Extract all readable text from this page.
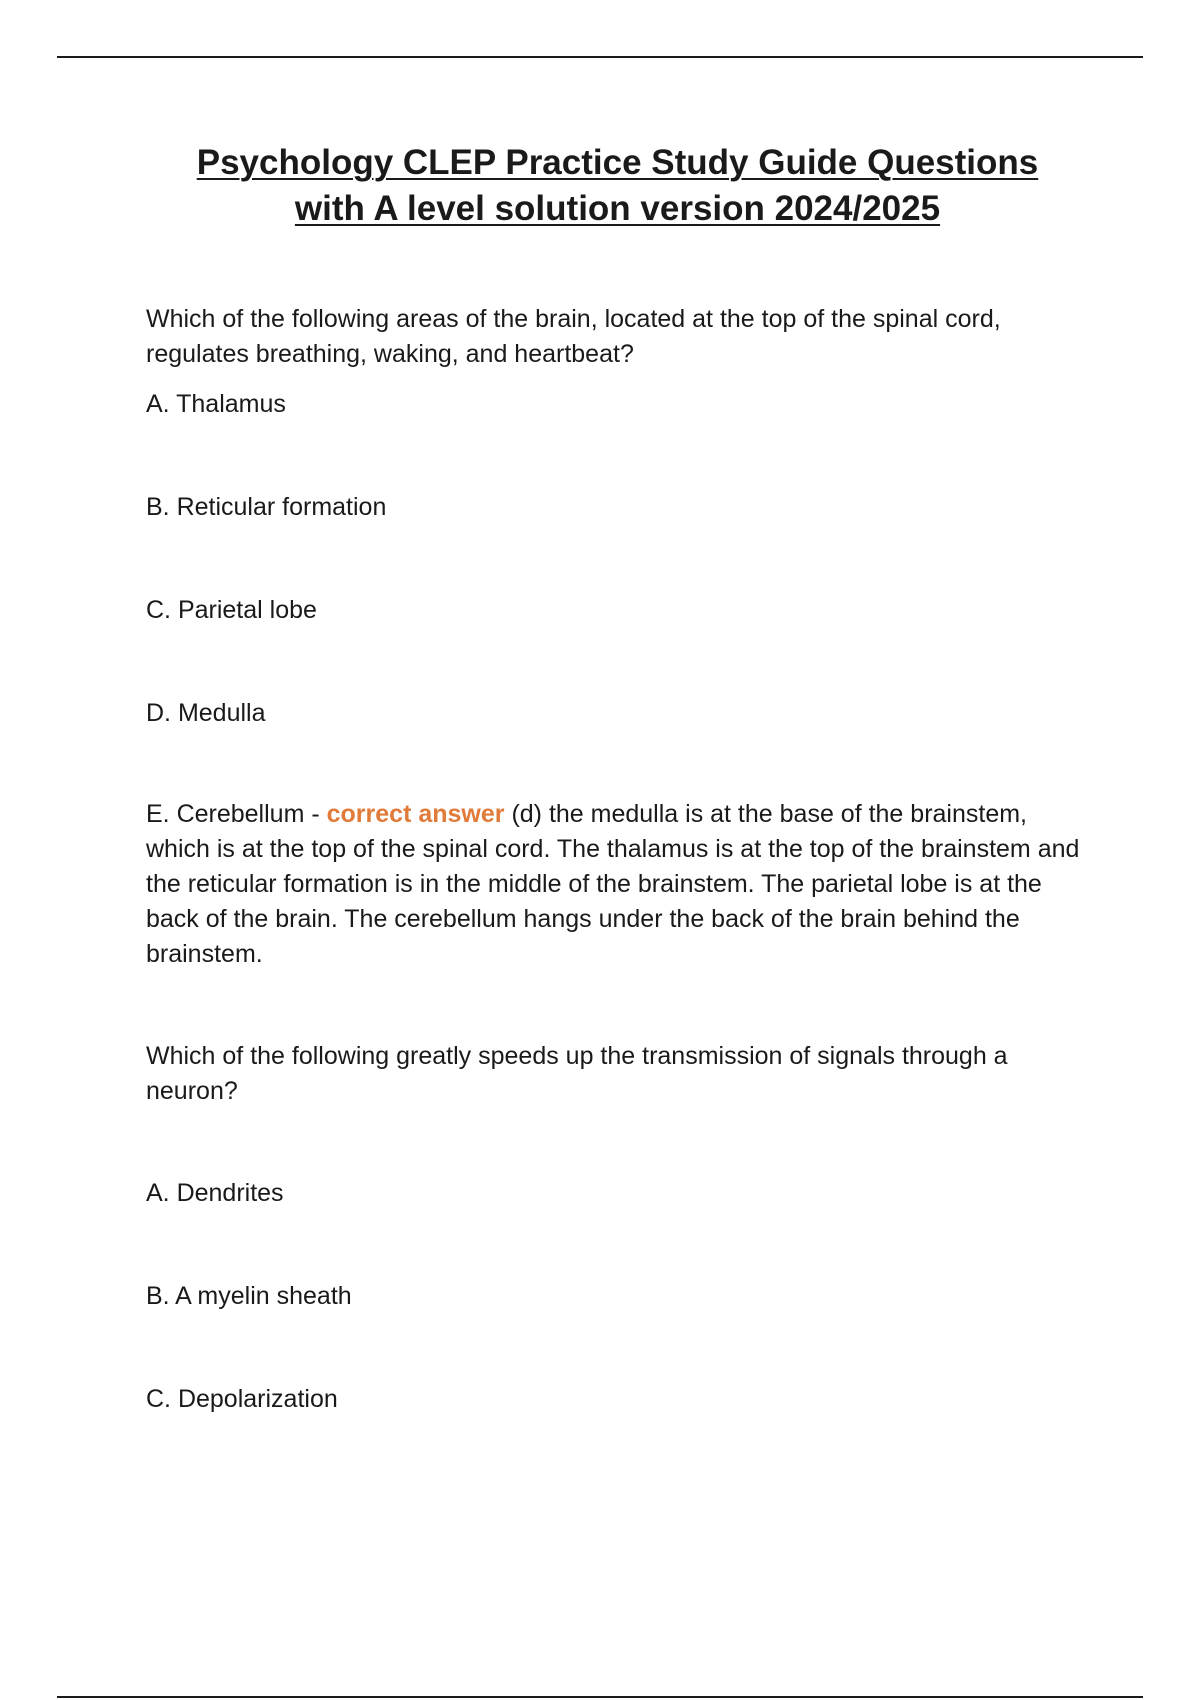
Psychology CLEP Practice Study Guide Questions
with A level solution version 2024/2025

Which of the following areas of the brain, located at the top of the spinal cord, regulates breathing, waking, and heartbeat?

A. Thalamus

B. Reticular formation

C. Parietal lobe

D. Medulla

E. Cerebellum - correct answer (d) the medulla is at the base of the brainstem, which is at the top of the spinal cord. The thalamus is at the top of the brainstem and the reticular formation is in the middle of the brainstem. The parietal lobe is at the back of the brain. The cerebellum hangs under the back of the brain behind the brainstem.

Which of the following greatly speeds up the transmission of signals through a neuron?

A. Dendrites

B. A myelin sheath

C. Depolarization
